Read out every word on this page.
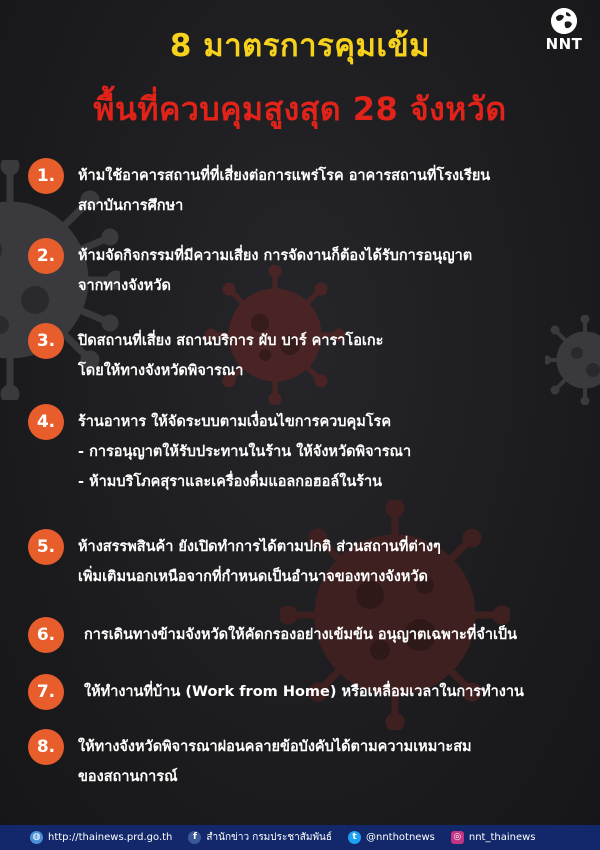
NNT
8 มาตรการคุมเข้ม
พื้นที่ควบคุมสูงสุด 28 จังหวัด
1.	ห้ามใช้อาคารสถานที่ที่เสี่ยงต่อการแพร่โรค อาคารสถานที่โรงเรียน
สถาบันการศึกษา
2.	ห้ามจัดกิจกรรมที่มีความเสี่ยง การจัดงานก็ต้องได้รับการอนุญาต
จากทางจังหวัด
3.	ปิดสถานที่เสี่ยง สถานบริการ ผับ บาร์ คาราโอเกะ
โดยให้ทางจังหวัดพิจารณา
4.	ร้านอาหาร ให้จัดระบบตามเงื่อนไขการควบคุมโรค
- การอนุญาตให้รับประทานในร้าน ให้จังหวัดพิจารณา
- ห้ามบริโภคสุราและเครื่องดื่มแอลกอฮอล์ในร้าน
5.	ห้างสรรพสินค้า ยังเปิดทำการได้ตามปกติ ส่วนสถานที่ต่างๆ
เพิ่มเติมนอกเหนือจากที่กำหนดเป็นอำนาจของทางจังหวัด
6.	การเดินทางข้ามจังหวัดให้คัดกรองอย่างเข้มข้น อนุญาตเฉพาะที่จำเป็น
7.	ให้ทำงานที่บ้าน (Work from Home) หรือเหลื่อมเวลาในการทำงาน
8.	ให้ทางจังหวัดพิจารณาผ่อนคลายข้อบังคับได้ตามความเหมาะสม
ของสถานการณ์
◍ http://thainews.prd.go.th	f สำนักข่าว กรมประชาสัมพันธ์	t @nnthotnews ◎ nnt_thainews
